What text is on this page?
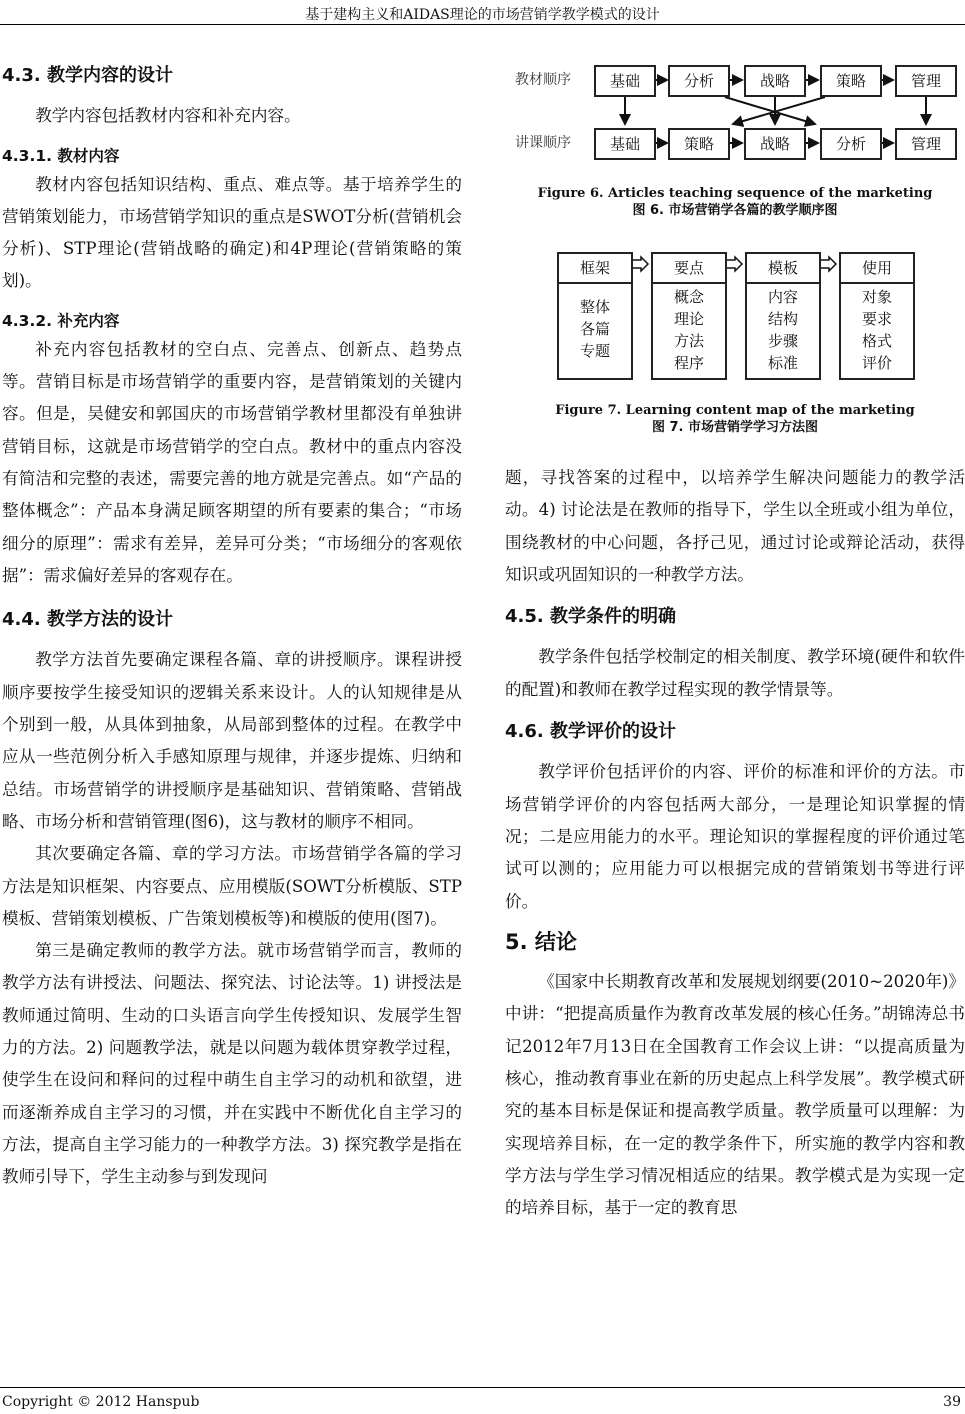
基于建构主义和AIDAS理论的市场营销学教学模式的设计
4.3. 教学内容的设计

教学内容包括教材内容和补充内容。

4.3.1. 教材内容

教材内容包括知识结构、重点、难点等。基于培养学生的营销策划能力，市场营销学知识的重点是SWOT分析(营销机会分析)、STP理论(营销战略的确定)和4P理论(营销策略的策划)。

4.3.2. 补充内容

补充内容包括教材的空白点、完善点、创新点、趋势点等。营销目标是市场营销学的重要内容，是营销策划的关键内容。但是，吴健安和郭国庆的市场营销学教材里都没有单独讲营销目标，这就是市场营销学的空白点。教材中的重点内容没有简洁和完整的表述，需要完善的地方就是完善点。如“产品的整体概念”：产品本身满足顾客期望的所有要素的集合；“市场细分的原理”：需求有差异，差异可分类；“市场细分的客观依据”：需求偏好差异的客观存在。

4.4. 教学方法的设计

教学方法首先要确定课程各篇、章的讲授顺序。课程讲授顺序要按学生接受知识的逻辑关系来设计。人的认知规律是从个别到一般，从具体到抽象，从局部到整体的过程。在教学中应从一些范例分析入手感知原理与规律，并逐步提炼、归纳和总结。市场营销学的讲授顺序是基础知识、营销策略、营销战略、市场分析和营销管理(图6)，这与教材的顺序不相同。

其次要确定各篇、章的学习方法。市场营销学各篇的学习方法是知识框架、内容要点、应用模版(SOWT分析模版、STP模板、营销策划模板、广告策划模板等)和模版的使用(图7)。

第三是确定教师的教学方法。就市场营销学而言，教师的教学方法有讲授法、问题法、探究法、讨论法等。1) 讲授法是教师通过简明、生动的口头语言向学生传授知识、发展学生智力的方法。2) 问题教学法，就是以问题为载体贯穿教学过程，使学生在设问和释问的过程中萌生自主学习的动机和欲望，进而逐渐养成自主学习的习惯，并在实践中不断优化自主学习的方法，提高自主学习能力的一种教学方法。3) 探究教学是指在教师引导下，学生主动参与到发现问

教材顺序
讲课顺序
基础	分析	战略	策略	管理
基础	策略	战略	分析	管理
Figure 6. Articles teaching sequence of the marketing
图 6. 市场营销学各篇的教学顺序图
框架
整体
各篇
专题
要点
概念
理论
方法
程序
模板
内容
结构
步骤
标准
使用
对象
要求
格式
评价
Figure 7. Learning content map of the marketing
图 7. 市场营销学学习方法图

题，寻找答案的过程中，以培养学生解决问题能力的教学活动。4) 讨论法是在教师的指导下，学生以全班或小组为单位，围绕教材的中心问题，各抒己见，通过讨论或辩论活动，获得知识或巩固知识的一种教学方法。

4.5. 教学条件的明确

教学条件包括学校制定的相关制度、教学环境(硬件和软件的配置)和教师在教学过程实现的教学情景等。

4.6. 教学评价的设计

教学评价包括评价的内容、评价的标准和评价的方法。市场营销学评价的内容包括两大部分，一是理论知识掌握的情况；二是应用能力的水平。理论知识的掌握程度的评价通过笔试可以测的；应用能力可以根据完成的营销策划书等进行评价。

5. 结论

《国家中长期教育改革和发展规划纲要(2010~2020年)》中讲：“把提高质量作为教育改革发展的核心任务。”胡锦涛总书记2012年7月13日在全国教育工作会议上讲：“以提高质量为核心，推动教育事业在新的历史起点上科学发展”。教学模式研究的基本目标是保证和提高教学质量。教学质量可以理解：为实现培养目标，在一定的教学条件下，所实施的教学内容和教学方法与学生学习情况相适应的结果。教学模式是为实现一定的培养目标，基于一定的教育思

Copyright © 2012 Hanspub	39
